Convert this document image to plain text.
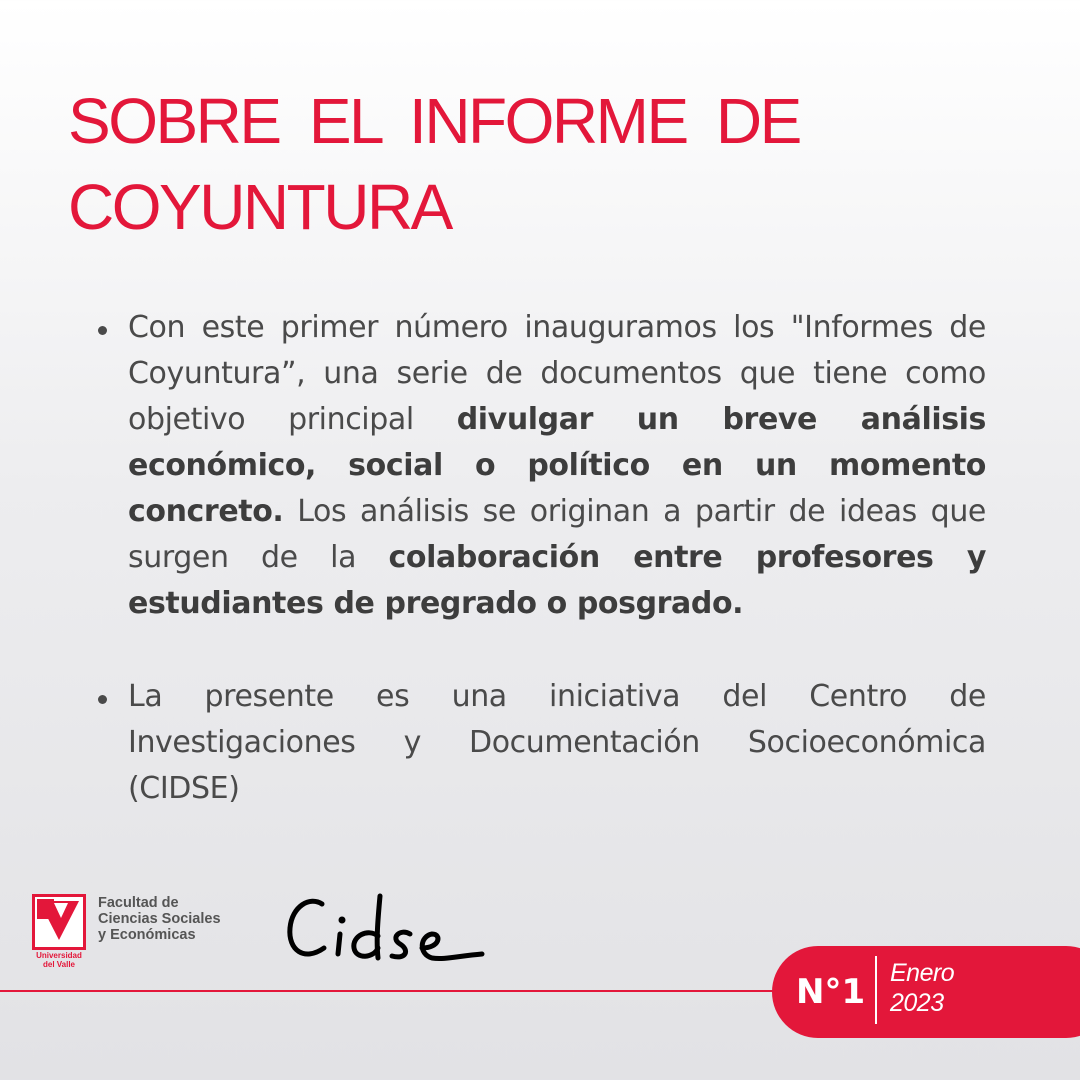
SOBRE EL INFORME DE
COYUNTURA
Con este primer número inauguramos los "Informes de Coyuntura”, una serie de documentos que tiene como objetivo principal divulgar un breve análisis económico, social o político en un momento concreto. Los análisis se originan a partir de ideas que surgen de la colaboración entre profesores y estudiantes de pregrado o posgrado.
La presente es una iniciativa del Centro de Investigaciones y Documentación Socioeconómica (CIDSE)
Universidad
del Valle
Facultad de
Ciencias Sociales
y Económicas
N°1 Enero
2023
